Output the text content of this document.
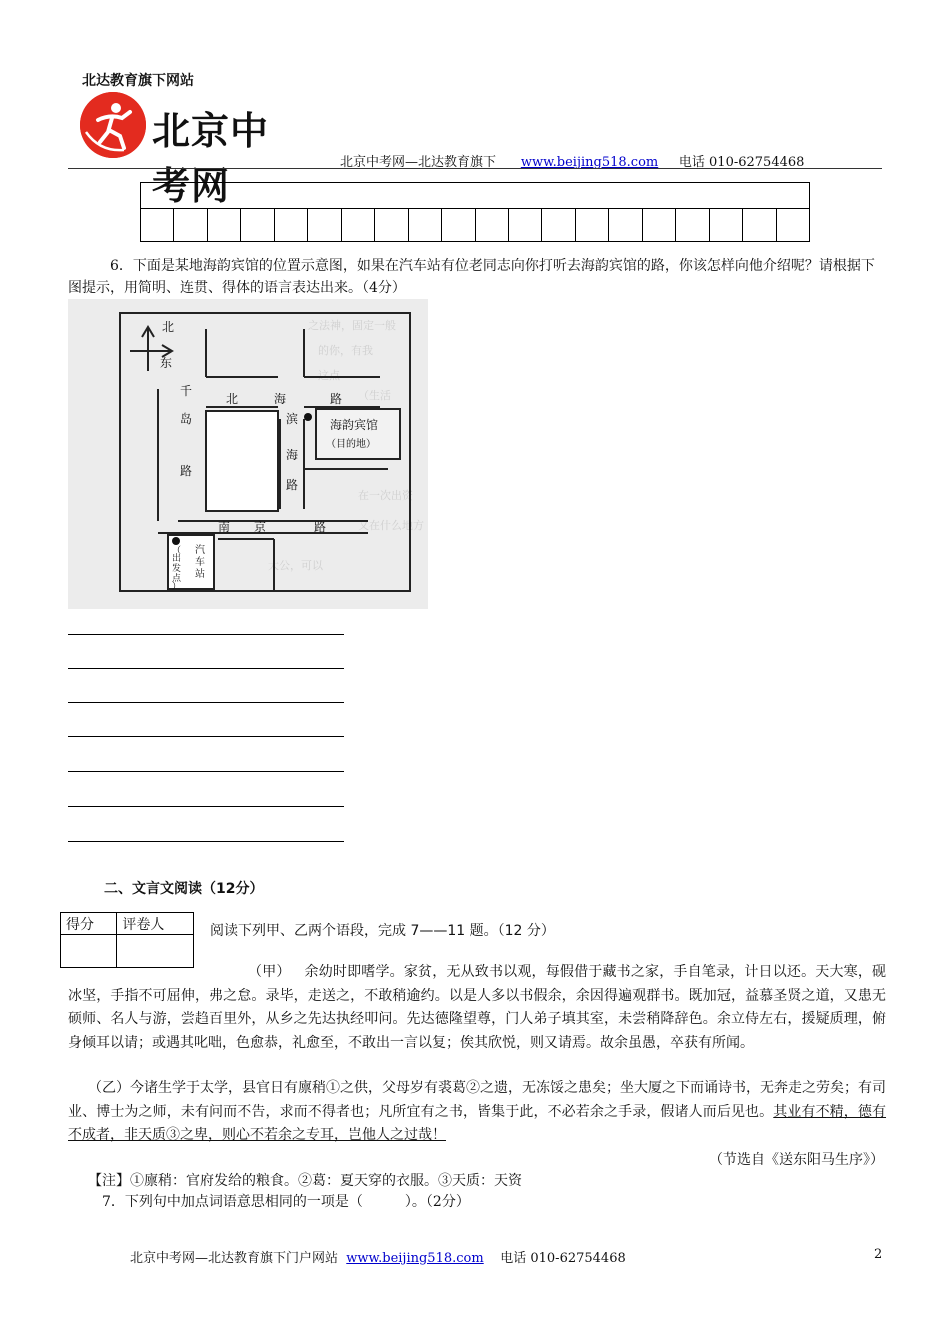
北达教育旗下网站
北京中考网
北京中考网—北达教育旗下 www.beijing518.com 电话 010-62754468
6．下面是某地海韵宾馆的位置示意图，如果在汽车站有位老同志向你打听去海韵宾馆的路，你该怎样向他介绍呢？请根据下图提示，用简明、连贯、得体的语言表达出来。（4分）
之法神，固定一般
的你，有我
这点
（生活
在一次出资
又在什么地方
大公，可以
北
东
千
岛
路
北	海	路
滨
海
路
海韵宾馆
（目的地）
南 京	路
汽
车
站
（
出
发
点
）
二、文言文阅读（12分）
得分	评卷人
		阅读下列甲、乙两个语段，完成 7——11 题。（12 分）
（甲） 余幼时即嗜学。家贫，无从致书以观，每假借于藏书之家，手自笔录，计日以还。天大寒，砚冰坚，手指不可屈伸，弗之怠。录毕，走送之，不敢稍逾约。以是人多以书假余，余因得遍观群书。既加冠，益慕圣贤之道，又患无硕师、名人与游，尝趋百里外，从乡之先达执经叩问。先达德隆望尊，门人弟子填其室，未尝稍降辞色。余立侍左右，援疑质理，俯身倾耳以请；或遇其叱咄，色愈恭，礼愈至，不敢出一言以复；俟其欣悦，则又请焉。故余虽愚，卒获有所闻。
（乙）今诸生学于太学，县官日有廪稍①之供，父母岁有裘葛②之遗，无冻馁之患矣；坐大厦之下而诵诗书，无奔走之劳矣；有司业、博士为之师，未有问而不告，求而不得者也；凡所宜有之书，皆集于此，不必若余之手录，假诸人而后见也。其业有不精，德有不成者，非天质③之卑，则心不若余之专耳，岂他人之过哉！
（节选自《送东阳马生序》）
【注】①廪稍：官府发给的粮食。②葛：夏天穿的衣服。③天质：天资
7．下列句中加点词语意思相同的一项是（　　　）。（2分）
北京中考网—北达教育旗下门户网站 www.beijing518.com 电话 010-62754468	2
